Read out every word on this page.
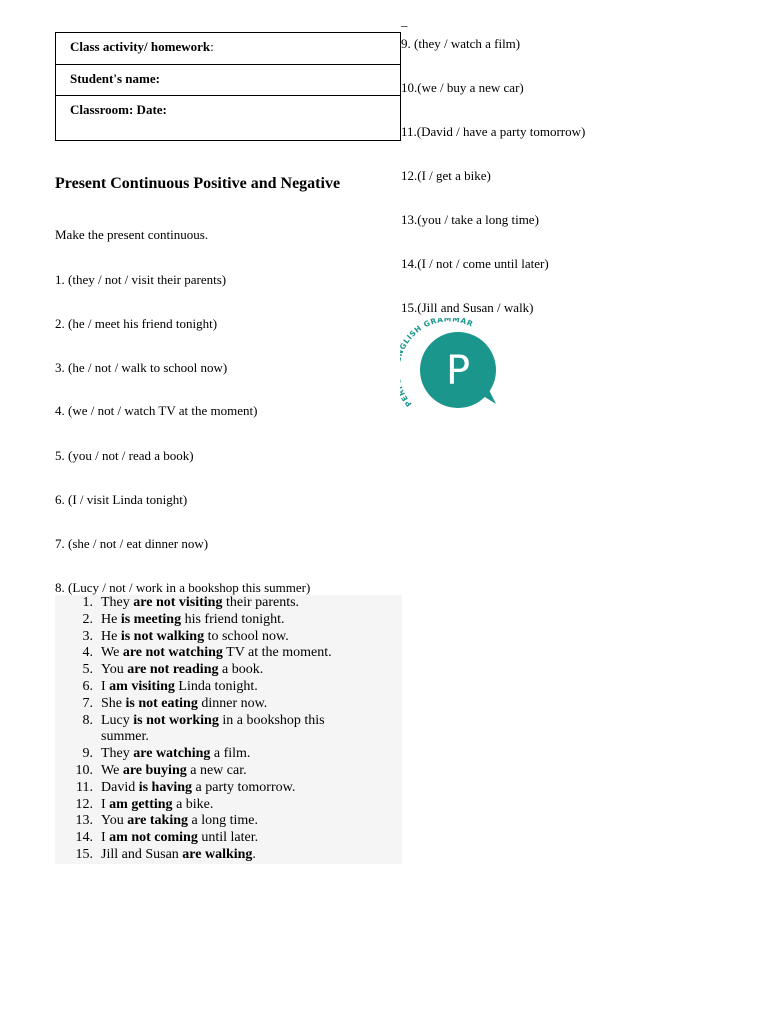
Class activity/ homework:
Student's name:
Classroom: Date:
_
Present Continuous Positive and Negative
Make the present continuous.
1. (they / not / visit their parents)
2. (he / meet his friend tonight)
3. (he / not / walk to school now)
4. (we / not / watch TV at the moment)
5. (you / not / read a book)
6. (I / visit Linda tonight)
7. (she / not / eat dinner now)
8. (Lucy / not / work in a bookshop this summer)
9. (they / watch a film)
10.(we / buy a new car)
11.(David / have a party tomorrow)
12.(I / get a bike)
13.(you / take a long time)
14.(I / not / come until later)
15.(Jill and Susan / walk)
PE LISH GRAMMAR
P
1. They are not visiting their parents.
2. He is meeting his friend tonight.
3. He is not walking to school now.
4. We are not watching TV at the moment.
5. You are not reading a book.
6. I am visiting Linda tonight.
7. She is not eating dinner now.
8. Lucy is not working in a bookshop this summer.
9. They are watching a film.
10. We are buying a new car.
11. David is having a party tomorrow.
12. I am getting a bike.
13. You are taking a long time.
14. I am not coming until later.
15. Jill and Susan are walking.
